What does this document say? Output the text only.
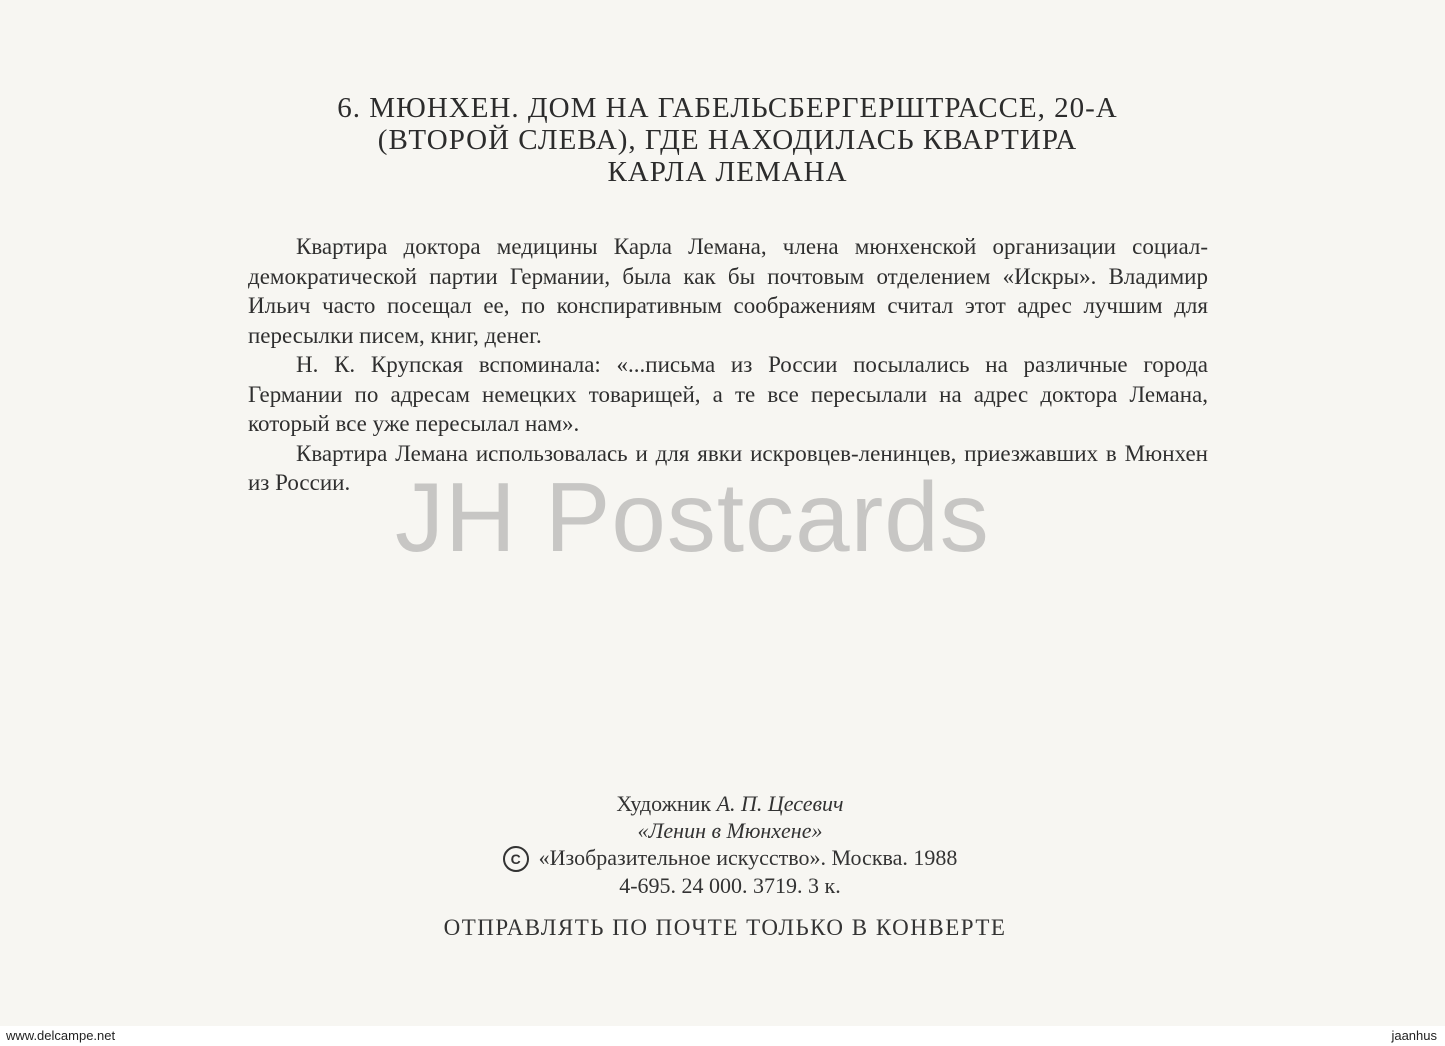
6. МЮНХЕН. ДОМ НА ГАБЕЛЬСБЕРГЕРШТРАССЕ, 20-А
(ВТОРОЙ СЛЕВА), ГДЕ НАХОДИЛАСЬ КВАРТИРА
КАРЛА ЛЕМАНА

Квартира доктора медицины Карла Лемана, члена мюнхенской организации социал-демократической партии Германии, была как бы почтовым отделением «Искры». Владимир Ильич часто посещал ее, по конспиративным соображениям считал этот адрес лучшим для пересылки писем, книг, денег.

Н. К. Крупская вспоминала: «...письма из России посылались на различные города Германии по адресам немецких товарищей, а те все пересылали на адрес доктора Лемана, который все уже пересылал нам».

Квартира Лемана использовалась и для явки искровцев-ленинцев, приезжавших в Мюнхен из России. JH Postcards
Художник А. П. Цесевич
«Ленин в Мюнхене»
С «Изобразительное искусство». Москва. 1988
4-695. 24 000. 3719. 3 к.
ОТПРАВЛЯТЬ ПО ПОЧТЕ ТОЛЬКО В КОНВЕРТЕ
www.delcampe.net	jaanhus
